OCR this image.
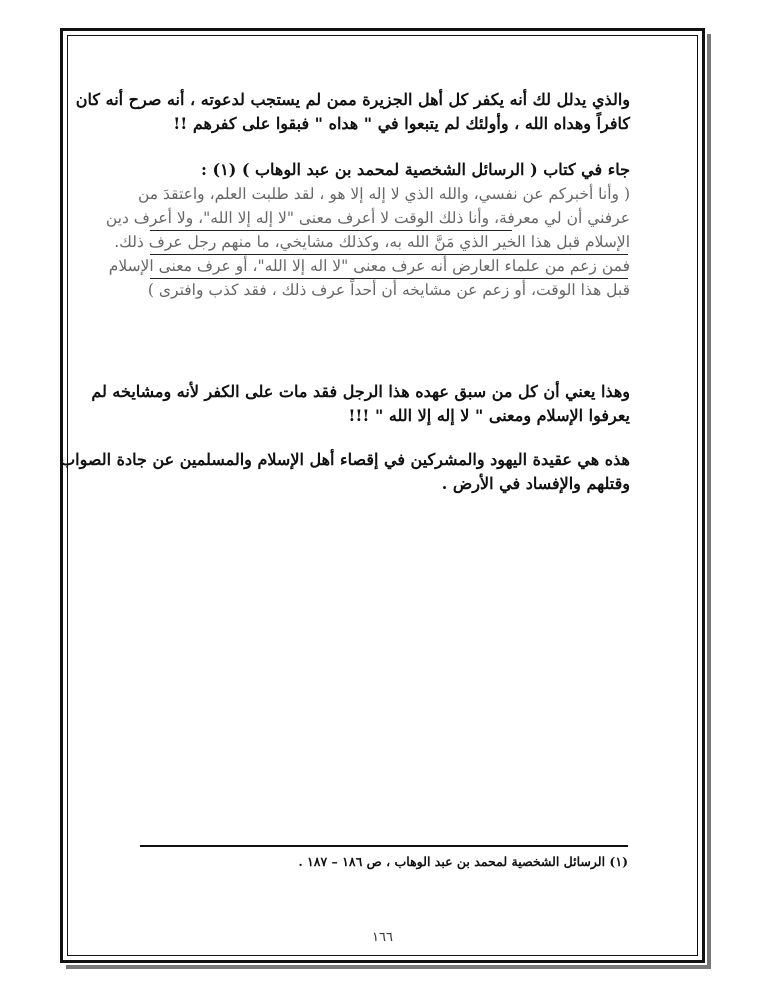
والذي يدلل لك أنه يكفر كل أهل الجزيرة ممن لم يستجب لدعوته ، أنه صرح أنه كان
كافراً وهداه الله ، وأولئك لم يتبعوا في " هداه " فبقوا على كفرهم !!
جاء في كتاب ( الرسائل الشخصية لمحمد بن عبد الوهاب ) (١) :
( وأنا أخبركم عن نفسي، والله الذي لا إله إلا هو ، لقد طلبت العلم، واعتقدَ من
عرفني أن لي معرفة، وأنا ذلك الوقت لا أعرف معنى "لا إله إلا الله"، ولا أعرف دين
الإسلام قبل هذا الخير الذي مَنَّ الله به، وكذلك مشايخي، ما منهم رجل عرف ذلك.
فمن زعم من علماء العارض أنه عرف معنى "لا اله إلا الله"، أو عرف معنى الإسلام
قبل هذا الوقت، أو زعم عن مشايخه أن أحداً عرف ذلك ، فقد كذب وافترى )
وهذا يعني أن كل من سبق عهده هذا الرجل فقد مات على الكفر لأنه ومشايخه لم
يعرفوا الإسلام ومعنى " لا إله إلا الله " !!!
هذه هي عقيدة اليهود والمشركين في إقصاء أهل الإسلام والمسلمين عن جادة الصواب
وقتلهم والإفساد في الأرض .
(١) الرسائل الشخصية لمحمد بن عبد الوهاب ، ص ١٨٦ – ١٨٧ .
١٦٦
